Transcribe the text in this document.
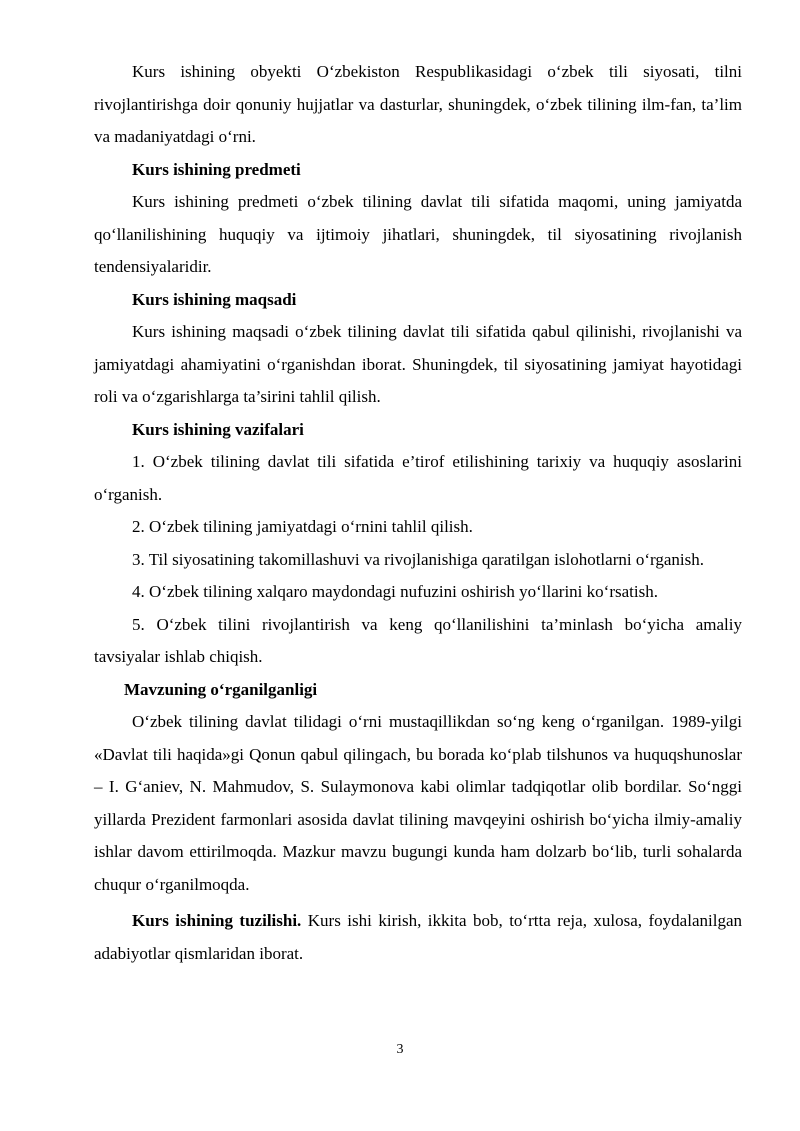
Kurs ishining obyekti O‘zbekiston Respublikasidagi o‘zbek tili siyosati, tilni rivojlantirishga doir qonuniy hujjatlar va dasturlar, shuningdek, o‘zbek tilining ilm-fan, ta’lim va madaniyatdagi o‘rni.

Kurs ishining predmeti

Kurs ishining predmeti o‘zbek tilining davlat tili sifatida maqomi, uning jamiyatda qo‘llanilishining huquqiy va ijtimoiy jihatlari, shuningdek, til siyosatining rivojlanish tendensiyalaridir.

Kurs ishining maqsadi

Kurs ishining maqsadi o‘zbek tilining davlat tili sifatida qabul qilinishi, rivojlanishi va jamiyatdagi ahamiyatini o‘rganishdan iborat. Shuningdek, til siyosatining jamiyat hayotidagi roli va o‘zgarishlarga ta’sirini tahlil qilish.

Kurs ishining vazifalari

1. O‘zbek tilining davlat tili sifatida e’tirof etilishining tarixiy va huquqiy asoslarini o‘rganish.

2. O‘zbek tilining jamiyatdagi o‘rnini tahlil qilish.

3. Til siyosatining takomillashuvi va rivojlanishiga qaratilgan islohotlarni o‘rganish.

4. O‘zbek tilining xalqaro maydondagi nufuzini oshirish yo‘llarini ko‘rsatish.

5. O‘zbek tilini rivojlantirish va keng qo‘llanilishini ta’minlash bo‘yicha amaliy tavsiyalar ishlab chiqish.

Mavzuning o‘rganilganligi

O‘zbek tilining davlat tilidagi o‘rni mustaqillikdan so‘ng keng o‘rganilgan. 1989-yilgi «Davlat tili haqida»gi Qonun qabul qilingach, bu borada ko‘plab tilshunos va huquqshunoslar – I. G‘aniev, N. Mahmudov, S. Sulaymonova kabi olimlar tadqiqotlar olib bordilar. So‘nggi yillarda Prezident farmonlari asosida davlat tilining mavqeyini oshirish bo‘yicha ilmiy-amaliy ishlar davom ettirilmoqda. Mazkur mavzu bugungi kunda ham dolzarb bo‘lib, turli sohalarda chuqur o‘rganilmoqda.

Kurs ishining tuzilishi. Kurs ishi kirish, ikkita bob, to‘rtta reja, xulosa, foydalanilgan adabiyotlar qismlaridan iborat.

3
